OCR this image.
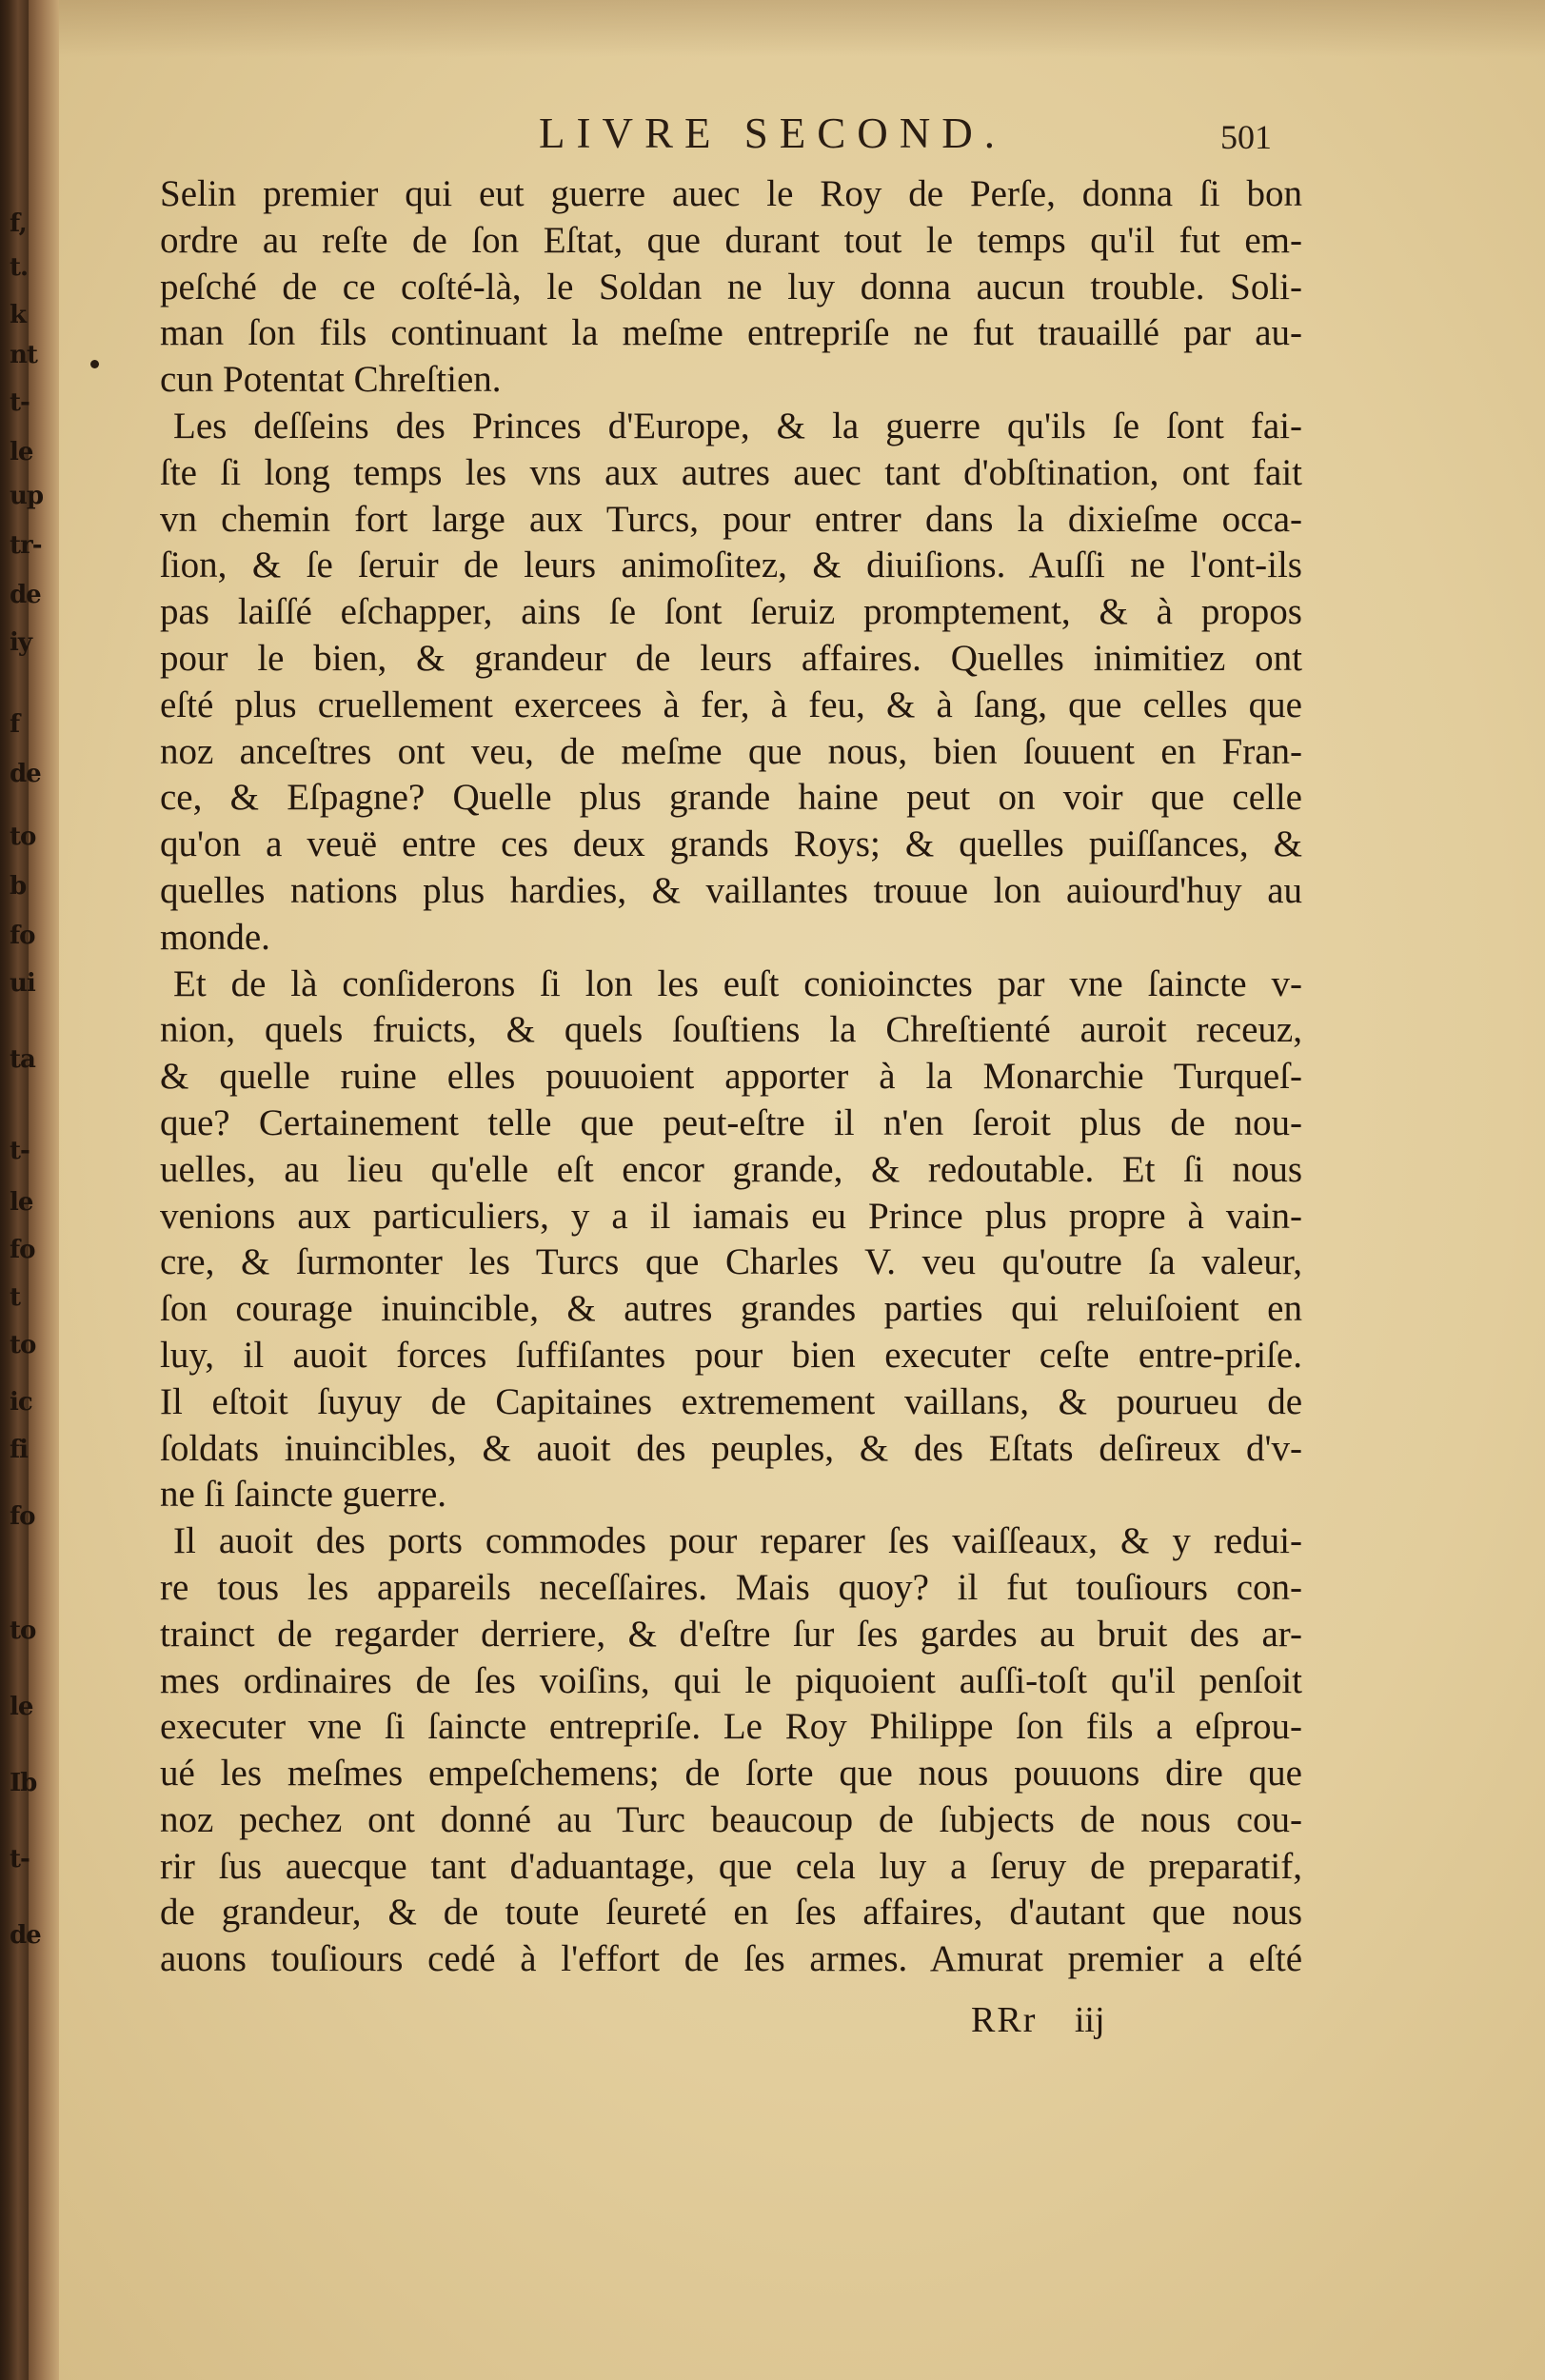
f,
t.
k
nt
t-
le
up
tr-
de
iy
f
de
to
b
fo
ui
ta
t-
le
fo
t
to
ic
fi
fo
to
le
Ib
t-
de
LIVRE SECOND.	501
Selin premier qui eut guerre auec le Roy de Perſe, donna ſi bon
ordre au reſte de ſon Eſtat, que durant tout le temps qu'il fut em-
peſché de ce coſté-là, le Soldan ne luy donna aucun trouble. Soli-
man ſon fils continuant la meſme entrepriſe ne fut trauaillé par au-
cun Potentat Chreſtien.
Les deſſeins des Princes d'Europe, & la guerre qu'ils ſe ſont fai-
ſte ſi long temps les vns aux autres auec tant d'obſtination, ont fait
vn chemin fort large aux Turcs, pour entrer dans la dixieſme occa-
ſion, & ſe ſeruir de leurs animoſitez, & diuiſions. Auſſi ne l'ont-ils
pas laiſſé eſchapper, ains ſe ſont ſeruiz promptement, & à propos
pour le bien, & grandeur de leurs affaires. Quelles inimitiez ont
eſté plus cruellement exercees à fer, à feu, & à ſang, que celles que
noz anceſtres ont veu, de meſme que nous, bien ſouuent en Fran-
ce, & Eſpagne? Quelle plus grande haine peut on voir que celle
qu'on a veuë entre ces deux grands Roys; & quelles puiſſances, &
quelles nations plus hardies, & vaillantes trouue lon auiourd'huy au
monde.
Et de là conſiderons ſi lon les euſt conioinctes par vne ſaincte v-
nion, quels fruicts, & quels ſouſtiens la Chreſtienté auroit receuz,
& quelle ruine elles pouuoient apporter à la Monarchie Turqueſ-
que? Certainement telle que peut-eſtre il n'en ſeroit plus de nou-
uelles, au lieu qu'elle eſt encor grande, & redoutable. Et ſi nous
venions aux particuliers, y a il iamais eu Prince plus propre à vain-
cre, & ſurmonter les Turcs que Charles V. veu qu'outre ſa valeur,
ſon courage inuincible, & autres grandes parties qui reluiſoient en
luy, il auoit forces ſuffiſantes pour bien executer ceſte entre-priſe.
Il eſtoit ſuyuy de Capitaines extremement vaillans, & pourueu de
ſoldats inuincibles, & auoit des peuples, & des Eſtats deſireux d'v-
ne ſi ſaincte guerre.
Il auoit des ports commodes pour reparer ſes vaiſſeaux, & y redui-
re tous les appareils neceſſaires. Mais quoy? il fut touſiours con-
trainct de regarder derriere, & d'eſtre ſur ſes gardes au bruit des ar-
mes ordinaires de ſes voiſins, qui le piquoient auſſi-toſt qu'il penſoit
executer vne ſi ſaincte entrepriſe. Le Roy Philippe ſon fils a eſprou-
ué les meſmes empeſchemens; de ſorte que nous pouuons dire que
noz pechez ont donné au Turc beaucoup de ſubjects de nous cou-
rir ſus auecque tant d'aduantage, que cela luy a ſeruy de preparatif,
de grandeur, & de toute ſeureté en ſes affaires, d'autant que nous
auons touſiours cedé à l'effort de ſes armes. Amurat premier a eſté
RRr iij
